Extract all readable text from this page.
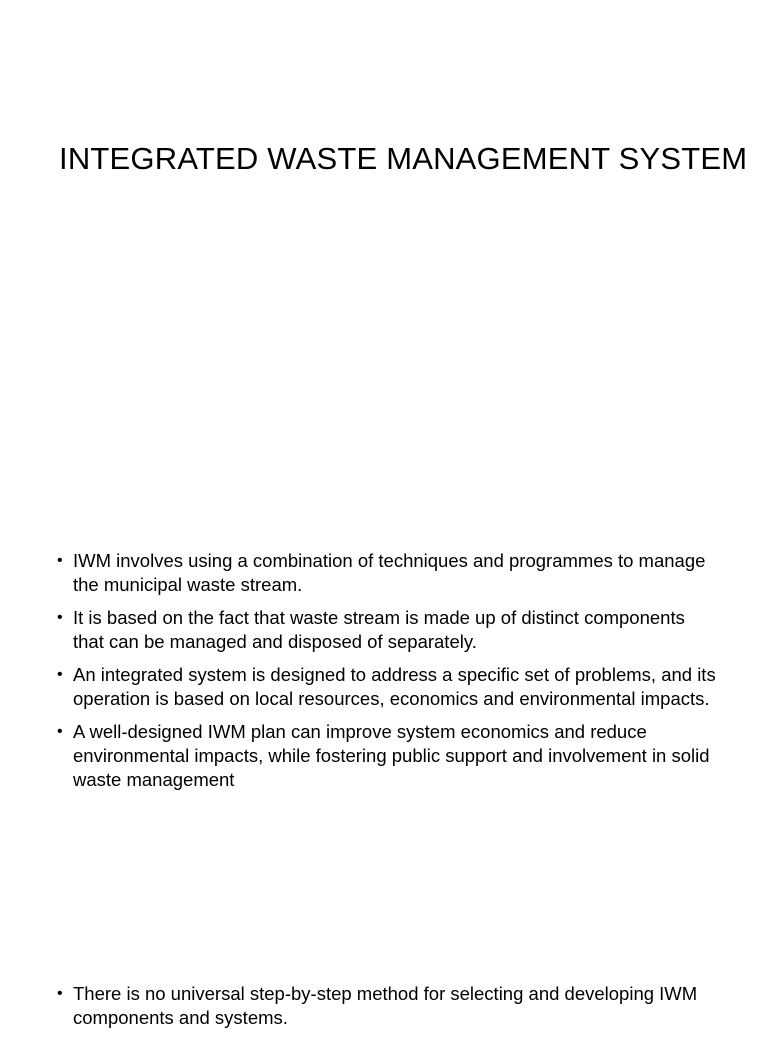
INTEGRATED WASTE MANAGEMENT SYSTEM
• IWM involves using a combination of techniques and programmes to manage the municipal waste stream.
• It is based on the fact that waste stream is made up of distinct components that can be managed and disposed of separately.
• An integrated system is designed to address a specific set of problems, and its operation is based on local resources, economics and environmental impacts.
• A well-designed IWM plan can improve system economics and reduce environmental impacts, while fostering public support and involvement in solid waste management
• There is no universal step-by-step method for selecting and developing IWM components and systems.
